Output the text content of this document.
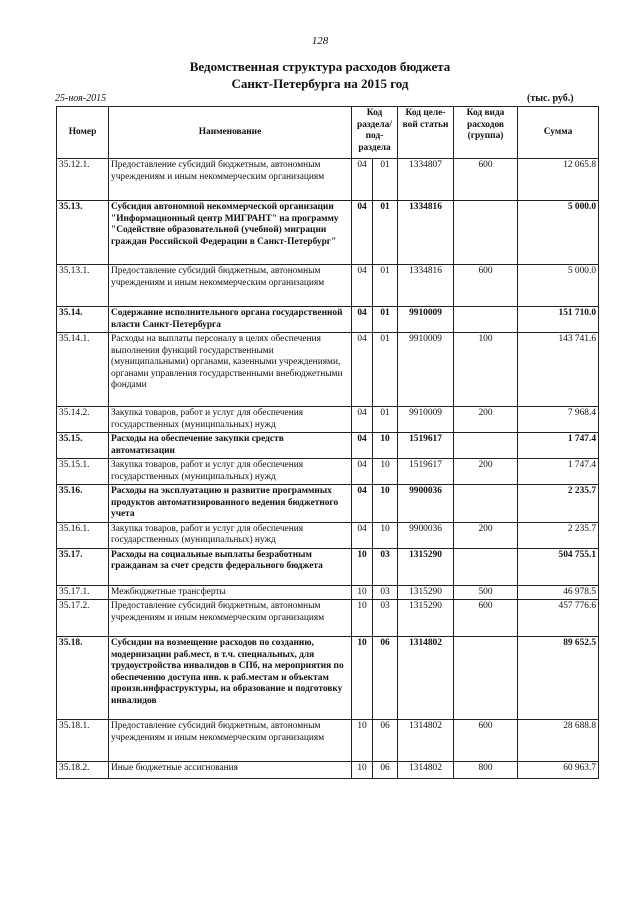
128
Ведомственная структура расходов бюджета
Санкт-Петербурга на 2015 год
25-ноя-2015	(тыс. руб.)
Номер	Наименование	Код раздела/ под-раздела		Код целе-вой статьи	Код вида расходов (группа)	Сумма
35.12.1.	Предоставление субсидий бюджетным, автономным учреждениям и иным некоммерческим организациям	04	01	1334807	600	12 065.8
35.13.	Субсидия автономной некоммерческой организации "Информационный центр МИГРАНТ" на программу "Содействие образовательной (учебной) миграции граждан Российской Федерации в Санкт-Петербург"	04	01	1334816		5 000.0
35.13.1.	Предоставление субсидий бюджетным, автономным учреждениям и иным некоммерческим организациям	04	01	1334816	600	5 000.0
35.14.	Содержание исполнительного органа государственной власти Санкт-Петербурга	04	01	9910009		151 710.0
35.14.1.	Расходы на выплаты персоналу в целях обеспечения выполнения функций государственными (муниципальными) органами, казенными учреждениями, органами управления государственными внебюджетными фондами	04	01	9910009	100	143 741.6
35.14.2.	Закупка товаров, работ и услуг для обеспечения государственных (муниципальных) нужд	04	01	9910009	200	7 968.4
35.15.	Расходы на обеспечение закупки средств автоматизации	04	10	1519617		1 747.4
35.15.1.	Закупка товаров, работ и услуг для обеспечения государственных (муниципальных) нужд	04	10	1519617	200	1 747.4
35.16.	Расходы на эксплуатацию и развитие программных продуктов автоматизированного ведения бюджетного учета	04	10	9900036		2 235.7
35.16.1.	Закупка товаров, работ и услуг для обеспечения государственных (муниципальных) нужд	04	10	9900036	200	2 235.7
35.17.	Расходы на социальные выплаты безработным гражданам за счет средств федерального бюджета	10	03	1315290		504 755.1
35.17.1.	Межбюджетные трансферты	10	03	1315290	500	46 978.5
35.17.2.	Предоставление субсидий бюджетным, автономным учреждениям и иным некоммерческим организациям	10	03	1315290	600	457 776.6
35.18.	Субсидии на возмещение расходов по созданию, модернизации раб.мест, в т.ч. специальных, для трудоустройства инвалидов в СПб, на мероприятия по обеспечению доступа инв. к раб.местам и объектам произв.инфраструктуры, на образование и подготовку инвалидов	10	06	1314802		89 652.5
35.18.1.	Предоставление субсидий бюджетным, автономным учреждениям и иным некоммерческим организациям	10	06	1314802	600	28 688.8
35.18.2.	Иные бюджетные ассигнования	10	06	1314802	800	60 963.7
